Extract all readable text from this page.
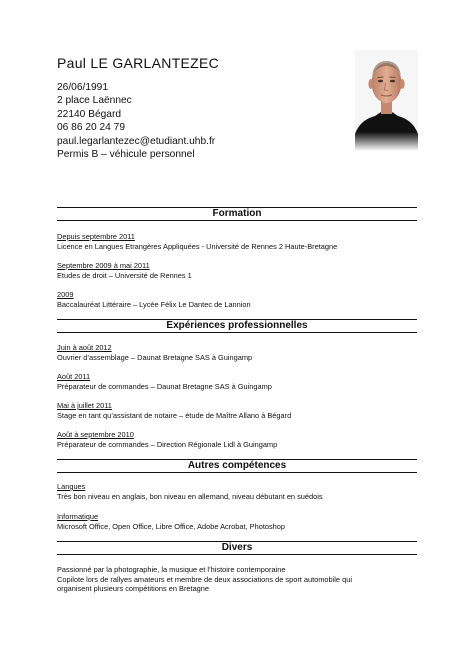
Paul LE GARLANTEZEC
26/06/1991
2 place Laënnec
22140 Bégard
06 86 20 24 79
paul.legarlantezec@etudiant.uhb.fr
Permis B – véhicule personnel
Formation
Depuis septembre 2011
Licence en Langues Etrangères Appliquées - Université de Rennes 2 Haute-Bretagne
Septembre 2009 à mai 2011
Etudes de droit – Université de Rennes 1
2009
Baccalauréat Littéraire – Lycée Félix Le Dantec de Lannion
Expériences professionnelles
Juin à août 2012
Ouvrier d’assemblage – Daunat Bretagne SAS à Guingamp
Août 2011
Préparateur de commandes – Daunat Bretagne SAS à Guingamp
Mai à juillet 2011
Stage en tant qu’assistant de notaire – étude de Maître Allano à Bégard
Août à septembre 2010
Préparateur de commandes – Direction Régionale Lidl à Guingamp
Autres compétences
Langues
Très bon niveau en anglais, bon niveau en allemand, niveau débutant en suédois
Informatique
Microsoft Office, Open Office, Libre Office, Adobe Acrobat, Photoshop
Divers
Passionné par la photographie, la musique et l’histoire contemporaine
Copilote lors de rallyes amateurs et membre de deux associations de sport automobile qui
organisent plusieurs compétitions en Bretagne
